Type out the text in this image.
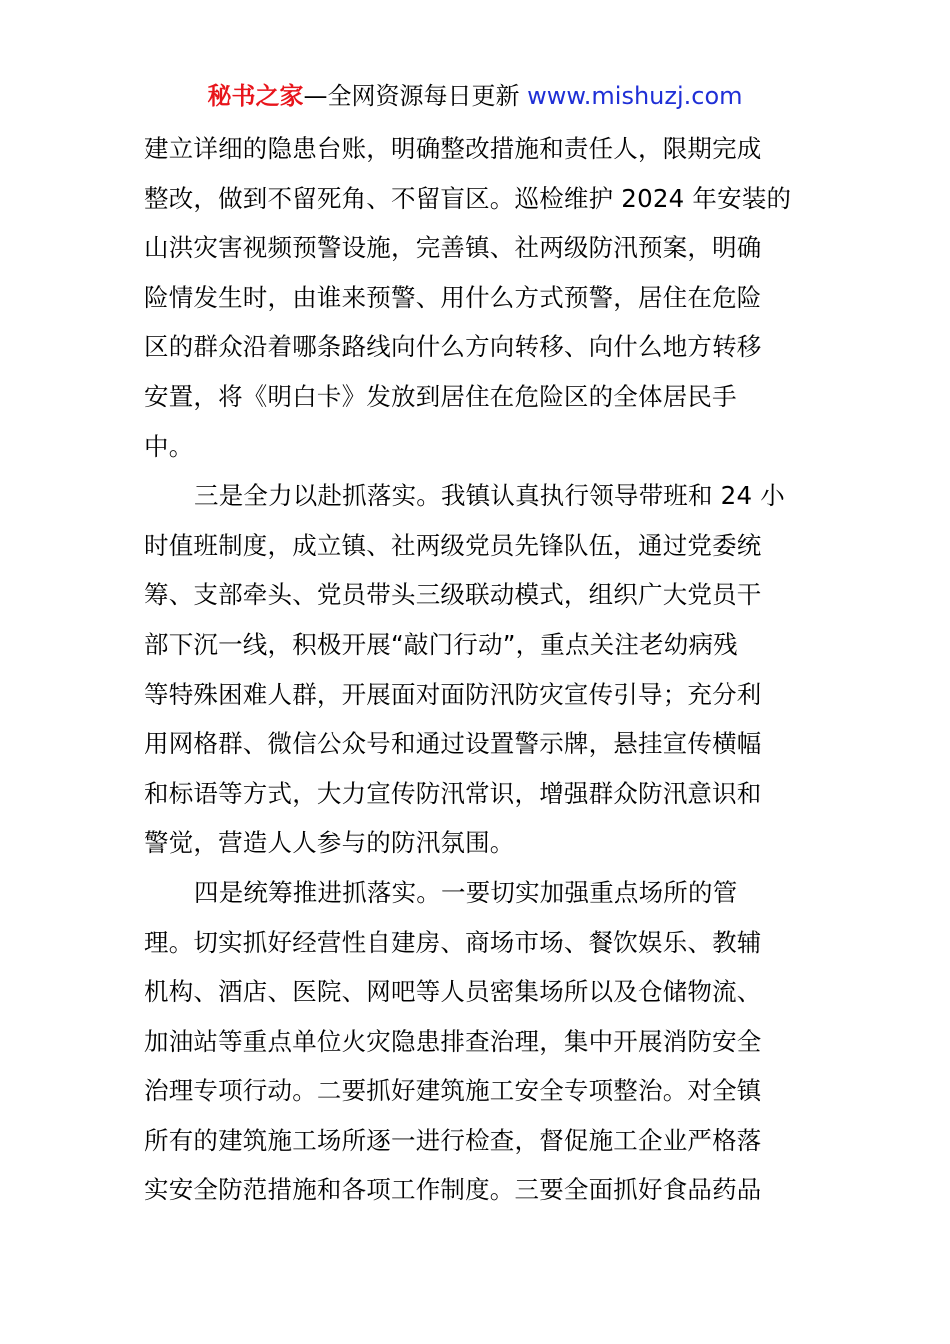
秘书之家—全网资源每日更新 www.mishuzj.com
建立详细的隐患台账，明确整改措施和责任人，限期完成
整改，做到不留死角、不留盲区。巡检维护 2024 年安装的
山洪灾害视频预警设施，完善镇、社两级防汛预案，明确
险情发生时，由谁来预警、用什么方式预警，居住在危险
区的群众沿着哪条路线向什么方向转移、向什么地方转移
安置，将《明白卡》发放到居住在危险区的全体居民手
中。
三是全力以赴抓落实。我镇认真执行领导带班和 24 小
时值班制度，成立镇、社两级党员先锋队伍，通过党委统
筹、支部牵头、党员带头三级联动模式，组织广大党员干
部下沉一线，积极开展“敲门行动”，重点关注老幼病残
等特殊困难人群，开展面对面防汛防灾宣传引导；充分利
用网格群、微信公众号和通过设置警示牌，悬挂宣传横幅
和标语等方式，大力宣传防汛常识，增强群众防汛意识和
警觉，营造人人参与的防汛氛围。
四是统筹推进抓落实。一要切实加强重点场所的管
理。切实抓好经营性自建房、商场市场、餐饮娱乐、教辅
机构、酒店、医院、网吧等人员密集场所以及仓储物流、
加油站等重点单位火灾隐患排查治理，集中开展消防安全
治理专项行动。二要抓好建筑施工安全专项整治。对全镇
所有的建筑施工场所逐一进行检查，督促施工企业严格落
实安全防范措施和各项工作制度。三要全面抓好食品药品
